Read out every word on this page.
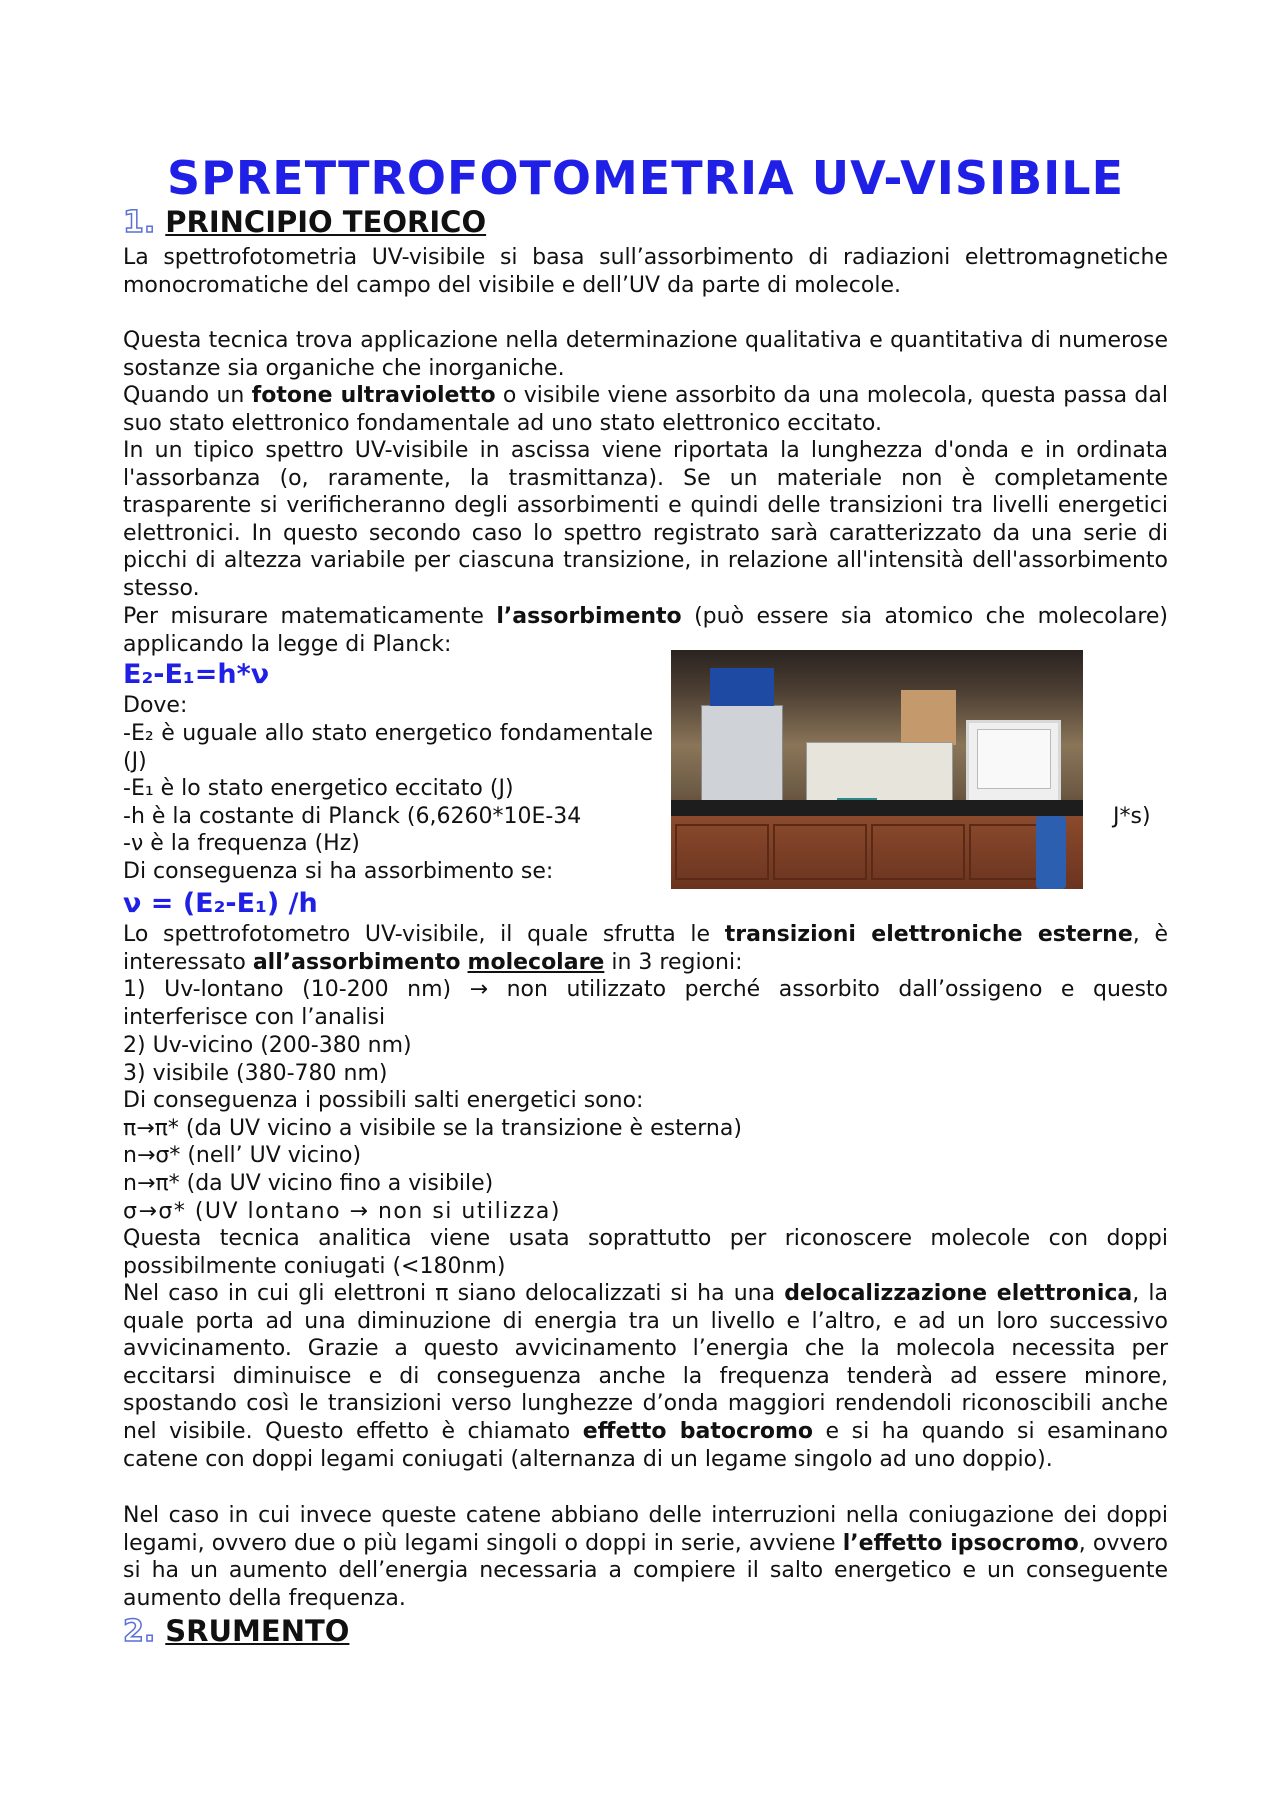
SPRETTROFOTOMETRIA UV-VISIBILE
1. PRINCIPIO TEORICO

La spettrofotometria UV-visibile si basa sull’assorbimento di radiazioni elettromagnetiche monocromatiche del campo del visibile e dell’UV da parte di molecole.

Questa tecnica trova applicazione nella determinazione qualitativa e quantitativa di numerose sostanze sia organiche che inorganiche.

Quando un fotone ultravioletto o visibile viene assorbito da una molecola, questa passa dal suo stato elettronico fondamentale ad uno stato elettronico eccitato.

In un tipico spettro UV-visibile in ascissa viene riportata la lunghezza d'onda e in ordinata l'assorbanza (o, raramente, la trasmittanza). Se un materiale non è completamente trasparente si verificheranno degli assorbimenti e quindi delle transizioni tra livelli energetici elettronici. In questo secondo caso lo spettro registrato sarà caratterizzato da una serie di picchi di altezza variabile per ciascuna transizione, in relazione all'intensità dell'assorbimento stesso.

Per misurare matematicamente l’assorbimento (può essere sia atomico che molecolare) applicando la legge di Planck:

E₂-E₁=h*ν

Dove:

-E₂ è uguale allo stato energetico fondamentale (J)

-E₁ è lo stato energetico eccitato (J)

-h è la costante di Planck (6,6260*10E-34	J*s)

-ν è la frequenza (Hz)

Di conseguenza si ha assorbimento se:

ν = (E₂-E₁) /h

Lo spettrofotometro UV-visibile, il quale sfrutta le transizioni elettroniche esterne, è interessato all’assorbimento molecolare in 3 regioni:

1) Uv-lontano (10-200 nm) → non utilizzato perché assorbito dall’ossigeno e questo interferisce con l’analisi

2) Uv-vicino (200-380 nm)

3) visibile (380-780 nm)

Di conseguenza i possibili salti energetici sono:

π→π* (da UV vicino a visibile se la transizione è esterna)

n→σ* (nell’ UV vicino)

n→π* (da UV vicino fino a visibile)

σ→σ* (UV lontano → non si utilizza)

Questa tecnica analitica viene usata soprattutto per riconoscere molecole con doppi possibilmente coniugati (<180nm)

Nel caso in cui gli elettroni π siano delocalizzati si ha una delocalizzazione elettronica, la quale porta ad una diminuzione di energia tra un livello e l’altro, e ad un loro successivo avvicinamento. Grazie a questo avvicinamento l’energia che la molecola necessita per eccitarsi diminuisce e di conseguenza anche la frequenza tenderà ad essere minore, spostando così le transizioni verso lunghezze d’onda maggiori rendendoli riconoscibili anche nel visibile. Questo effetto è chiamato effetto batocromo e si ha quando si esaminano catene con doppi legami coniugati (alternanza di un legame singolo ad uno doppio).

Nel caso in cui invece queste catene abbiano delle interruzioni nella coniugazione dei doppi legami, ovvero due o più legami singoli o doppi in serie, avviene l’effetto ipsocromo, ovvero si ha un aumento dell’energia necessaria a compiere il salto energetico e un conseguente aumento della frequenza.

2. SRUMENTO
